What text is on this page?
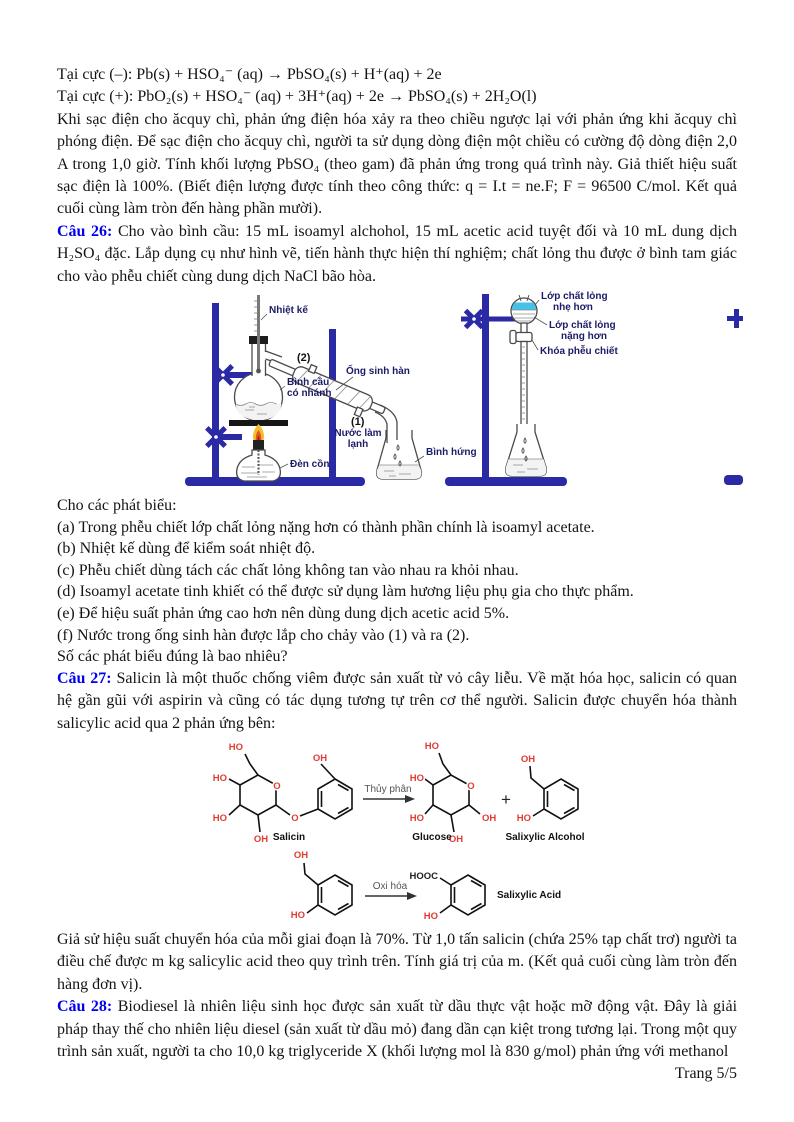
Tại cực (–): Pb(s) + HSO₄⁻ (aq) → PbSO₄(s) + H⁺(aq) + 2e

Tại cực (+): PbO₂(s) + HSO₄⁻ (aq) + 3H⁺(aq) + 2e → PbSO₄(s) + 2H₂O(l)

Khi sạc điện cho ăcquy chì, phản ứng điện hóa xảy ra theo chiều ngược lại với phản ứng khi ăcquy chì phóng điện. Để sạc điện cho ăcquy chì, người ta sử dụng dòng điện một chiều có cường độ dòng điện 2,0 A trong 1,0 giờ. Tính khối lượng PbSO₄ (theo gam) đã phản ứng trong quá trình này. Giả thiết hiệu suất sạc điện là 100%. (Biết điện lượng được tính theo công thức: q = I.t = ne.F; F = 96500 C/mol. Kết quả cuối cùng làm tròn đến hàng phần mười).

Câu 26: Cho vào bình cầu: 15 mL isoamyl alchohol, 15 mL acetic acid tuyệt đối và 10 mL dung dịch H₂SO₄ đặc. Lắp dụng cụ như hình vẽ, tiến hành thực hiện thí nghiệm; chất lỏng thu được ở bình tam giác cho vào phễu chiết cùng dung dịch NaCl bão hòa.

Nhiệt kế
(2)
Ống sinh hàn
(1)
Nước làm
lạnh
Bình cầu
có nhánh
Đèn cồn
Bình hứng
Lớp chất lỏng
nhẹ hơn
Lớp chất lỏng
nặng hơn
Khóa phễu chiết

Cho các phát biểu:

(a) Trong phễu chiết lớp chất lỏng nặng hơn có thành phần chính là isoamyl acetate.

(b) Nhiệt kế dùng để kiểm soát nhiệt độ.

(c) Phễu chiết dùng tách các chất lỏng không tan vào nhau ra khỏi nhau.

(d) Isoamyl acetate tinh khiết có thể được sử dụng làm hương liệu phụ gia cho thực phẩm.

(e) Để hiệu suất phản ứng cao hơn nên dùng dung dịch acetic acid 5%.

(f) Nước trong ống sinh hàn được lắp cho chảy vào (1) và ra (2).

Số các phát biểu đúng là bao nhiêu?

Câu 27: Salicin là một thuốc chống viêm được sản xuất từ vỏ cây liễu. Về mặt hóa học, salicin có quan hệ gần gũi với aspirin và cũng có tác dụng tương tự trên cơ thể người. Salicin được chuyển hóa thành salicylic acid qua 2 phản ứng bên:

HO
HO
HO
OH
O
O
OH
Salicin
Thủy phân
HO
HO
HO
OH
OH
O
Glucose
+
OH
HO
Salixylic Alcohol
OH
HO
Oxi hóa
HOOC
HO
Salixylic Acid

Giả sử hiệu suất chuyển hóa của mỗi giai đoạn là 70%. Từ 1,0 tấn salicin (chứa 25% tạp chất trơ) người ta điều chế được m kg salicylic acid theo quy trình trên. Tính giá trị của m. (Kết quả cuối cùng làm tròn đến hàng đơn vị).

Câu 28: Biodiesel là nhiên liệu sinh học được sản xuất từ dầu thực vật hoặc mỡ động vật. Đây là giải pháp thay thế cho nhiên liệu diesel (sản xuất từ dầu mỏ) đang dần cạn kiệt trong tương lại. Trong một quy trình sản xuất, người ta cho 10,0 kg triglyceride X (khối lượng mol là 830 g/mol) phản ứng với methanol

Trang 5/5
